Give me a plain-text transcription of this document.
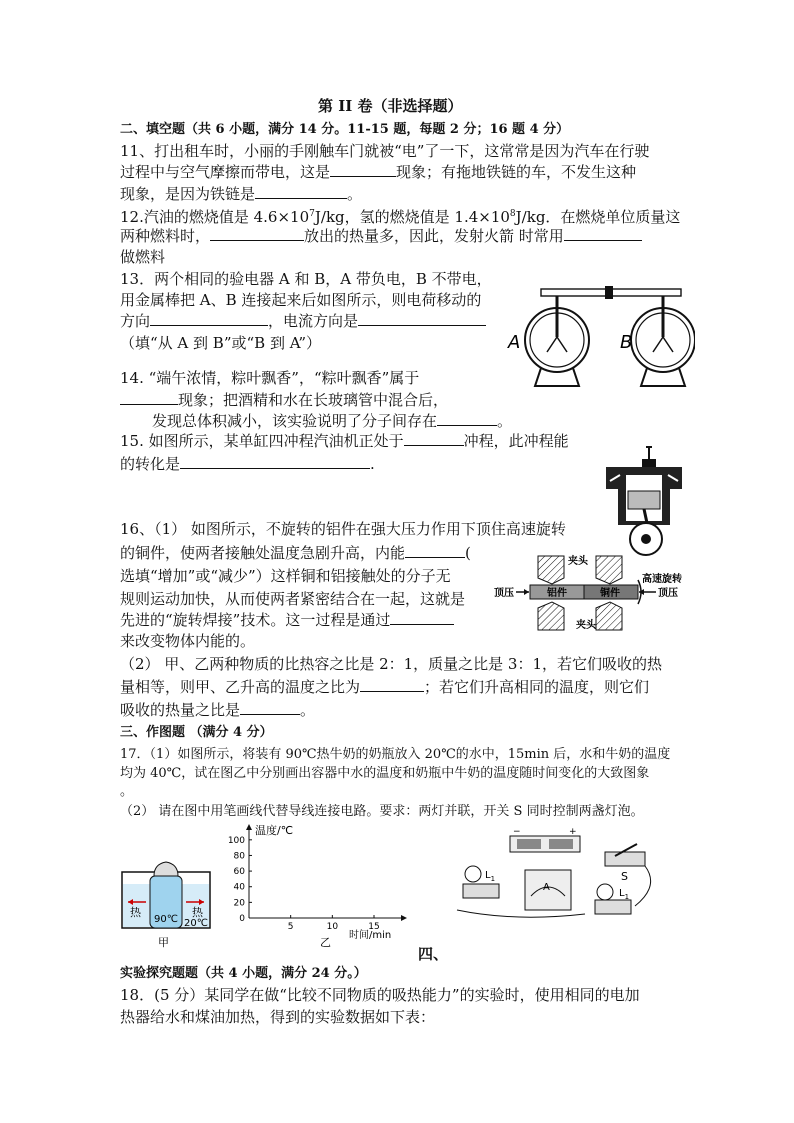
第 II 卷（非选择题）
二、填空题（共 6 小题，满分 14 分。11-15 题，每题 2 分；16 题 4 分）
11、打出租车时，小丽的手刚触车门就被“电”了一下，这常常是因为汽车在行驶
过程中与空气摩擦而带电，这是	现象；有拖地铁链的车，不发生这种
现象，是因为铁链是	。
12.汽油的燃烧值是 $4.6\times 10^7J/kg$，氢的燃烧值是 $1.4\times 10^8J/kg$．在燃烧单位质量这
两种燃料时，	放出的热量多，因此，发射火箭 时常用
做燃料
13．两个相同的验电器 A 和 B，A 带负电，B 不带电，
用金属棒把 A、B 连接起来后如图所示，则电荷移动的
方向	，电流方向是
（填“从 A 到 B”或“B 到 A”）	A	B
14. “端午浓情，粽叶飘香”，“粽叶飘香”属于
现象；把酒精和水在长玻璃管中混合后，
发现总体积减小，该实验说明了分子间存在	。
15. 如图所示，某单缸四冲程汽油机正处于	冲程，此冲程能
的转化是	.
16、（1） 如图所示，不旋转的铝件在强大压力作用下顶住高速旋转
的铜件，使两者接触处温度急剧升高，内能	(
选填“增加”或“减少”）这样铜和铝接触处的分子无
规则运动加快，从而使两者紧密结合在一起，这就是
先进的“旋转焊接”技术。这一过程是通过
来改变物体内能的。
（2） 甲、乙两种物质的比热容之比是 2：1，质量之比是 3：1，若它们吸收的热
量相等，则甲、乙升高的温度之比为	；若它们升高相同的温度，则它们
吸收的热量之比是	。
铝件	铜件
夹头
夹头
顶压	顶压
高速旋转
三、作图题 （满分 4 分）
17．（1）如图所示，将装有 90℃热牛奶的奶瓶放入 20℃的水中，15min 后，水和牛奶的温度
均为 40℃，试在图乙中分别画出容器中水的温度和奶瓶中牛奶的温度随时间变化的大致图象
。
（2） 请在图中用笔画线代替导线连接电路。要求：两灯并联，开关 S 同时控制两盏灯泡。
热	热
90℃ 20℃
甲
0
20
40
60
80
100
5	10	15
温度/℃
时间/min
乙
−	+
S
A
$L_1$
$L_1$
四、
实验探究题题（共 4 小题，满分 24 分。）
18．(5 分）某同学在做“比较不同物质的吸热能力”的实验时，使用相同的电加
热器给水和煤油加热，得到的实验数据如下表：
